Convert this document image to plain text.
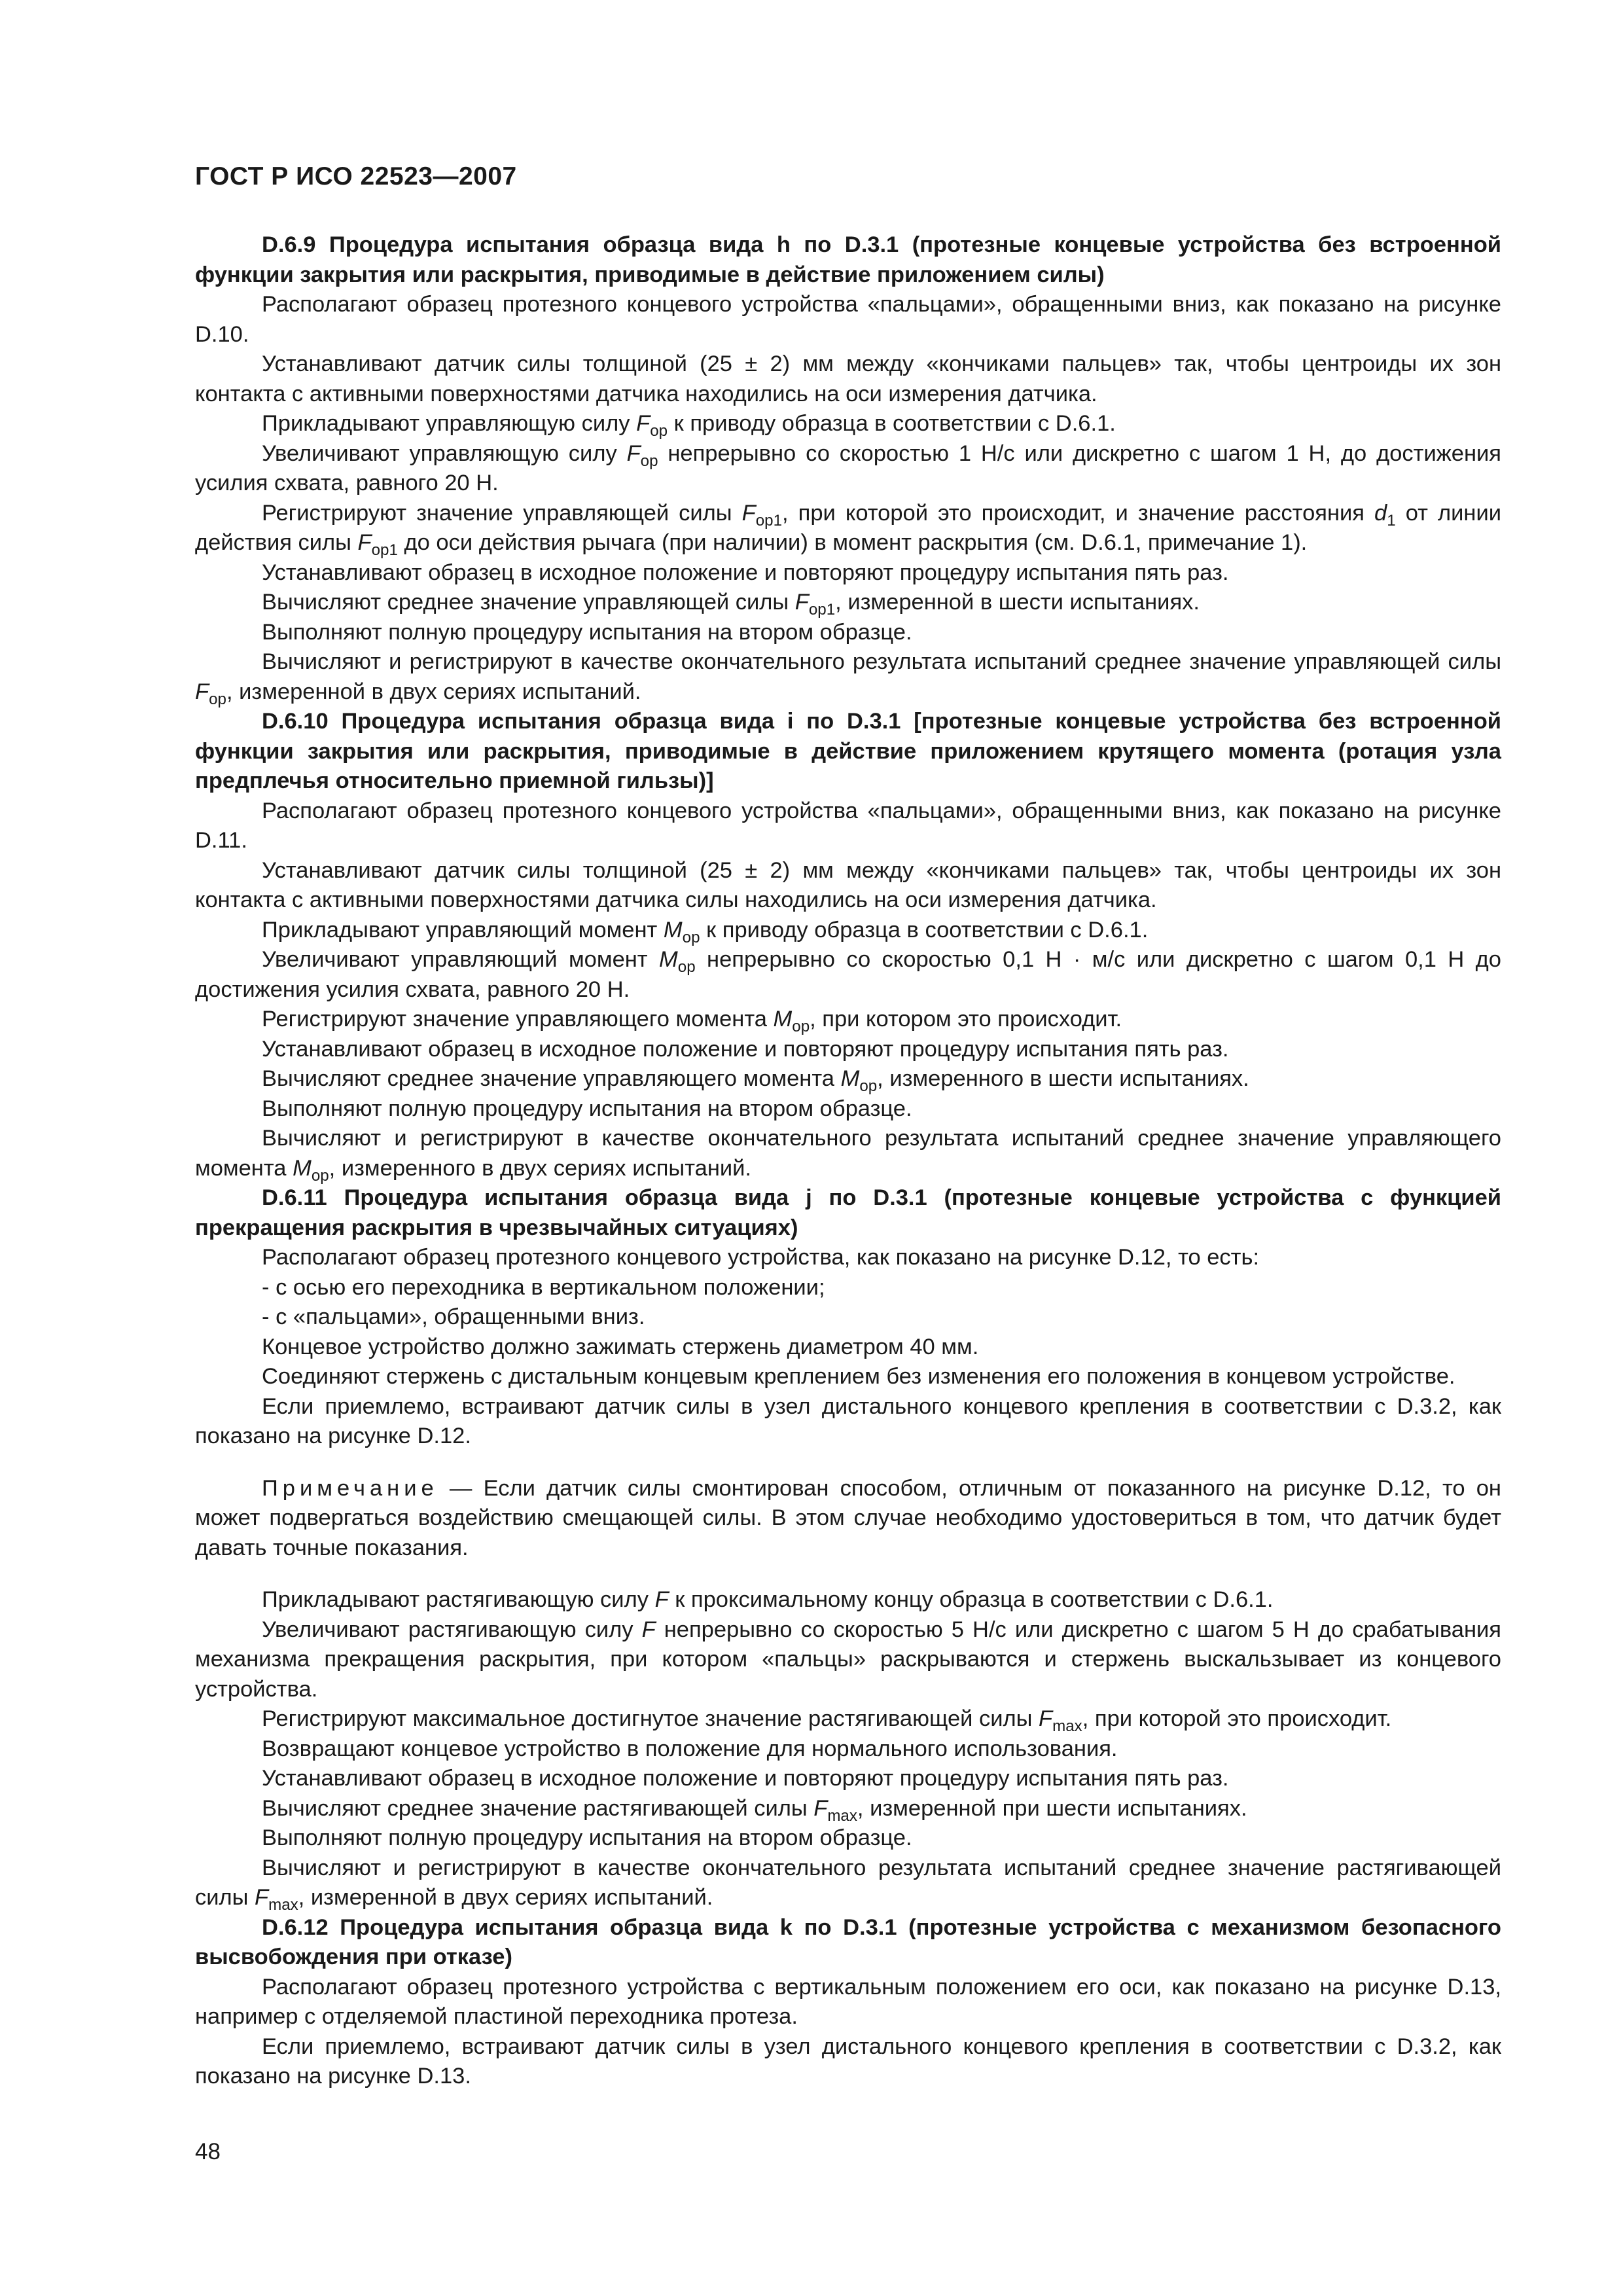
ГОСТ Р ИСО 22523—2007

D.6.9 Процедура испытания образца вида h по D.3.1 (протезные концевые устройства без встроенной функции закрытия или раскрытия, приводимые в действие приложением силы)

Располагают образец протезного концевого устройства «пальцами», обращенными вниз, как показано на рисунке D.10.

Устанавливают датчик силы толщиной (25 ± 2) мм между «кончиками пальцев» так, чтобы центроиды их зон контакта с активными поверхностями датчика находились на оси измерения датчика.

Прикладывают управляющую силу $F_{op}$ к приводу образца в соответствии с D.6.1.

Увеличивают управляющую силу $F_{op}$ непрерывно со скоростью 1 Н/с или дискретно с шагом 1 Н, до достижения усилия схвата, равного 20 Н.

Регистрируют значение управляющей силы $F_{op1}$, при которой это происходит, и значение расстояния $d_1$ от линии действия силы $F_{op1}$ до оси действия рычага (при наличии) в момент раскрытия (см. D.6.1, примечание 1).

Устанавливают образец в исходное положение и повторяют процедуру испытания пять раз.

Вычисляют среднее значение управляющей силы $F_{op1}$, измеренной в шести испытаниях.

Выполняют полную процедуру испытания на втором образце.

Вычисляют и регистрируют в качестве окончательного результата испытаний среднее значение управляющей силы $F_{op}$, измеренной в двух сериях испытаний.

D.6.10 Процедура испытания образца вида i по D.3.1 [протезные концевые устройства без встроенной функции закрытия или раскрытия, приводимые в действие приложением крутящего момента (ротация узла предплечья относительно приемной гильзы)]

Располагают образец протезного концевого устройства «пальцами», обращенными вниз, как показано на рисунке D.11.

Устанавливают датчик силы толщиной (25 ± 2) мм между «кончиками пальцев» так, чтобы центроиды их зон контакта с активными поверхностями датчика силы находились на оси измерения датчика.

Прикладывают управляющий момент $M_{op}$ к приводу образца в соответствии с D.6.1.

Увеличивают управляющий момент $M_{op}$ непрерывно со скоростью 0,1 Н · м/с или дискретно с шагом 0,1 Н до достижения усилия схвата, равного 20 Н.

Регистрируют значение управляющего момента $M_{op}$, при котором это происходит.

Устанавливают образец в исходное положение и повторяют процедуру испытания пять раз.

Вычисляют среднее значение управляющего момента $M_{op}$, измеренного в шести испытаниях.

Выполняют полную процедуру испытания на втором образце.

Вычисляют и регистрируют в качестве окончательного результата испытаний среднее значение управляющего момента $M_{op}$, измеренного в двух сериях испытаний.

D.6.11 Процедура испытания образца вида j по D.3.1 (протезные концевые устройства с функцией прекращения раскрытия в чрезвычайных ситуациях)

Располагают образец протезного концевого устройства, как показано на рисунке D.12, то есть:

- с осью его переходника в вертикальном положении;

- с «пальцами», обращенными вниз.

Концевое устройство должно зажимать стержень диаметром 40 мм.

Соединяют стержень с дистальным концевым креплением без изменения его положения в концевом устройстве.

Если приемлемо, встраивают датчик силы в узел дистального концевого крепления в соответствии с D.3.2, как показано на рисунке D.12.

Примечание — Если датчик силы смонтирован способом, отличным от показанного на рисунке D.12, то он может подвергаться воздействию смещающей силы. В этом случае необходимо удостовериться в том, что датчик будет давать точные показания.

Прикладывают растягивающую силу F к проксимальному концу образца в соответствии с D.6.1.

Увеличивают растягивающую силу F непрерывно со скоростью 5 Н/с или дискретно с шагом 5 Н до срабатывания механизма прекращения раскрытия, при котором «пальцы» раскрываются и стержень выскальзывает из концевого устройства.

Регистрируют максимальное достигнутое значение растягивающей силы $F_{max}$, при которой это происходит.

Возвращают концевое устройство в положение для нормального использования.

Устанавливают образец в исходное положение и повторяют процедуру испытания пять раз.

Вычисляют среднее значение растягивающей силы $F_{max}$, измеренной при шести испытаниях.

Выполняют полную процедуру испытания на втором образце.

Вычисляют и регистрируют в качестве окончательного результата испытаний среднее значение растягивающей силы $F_{max}$, измеренной в двух сериях испытаний.

D.6.12 Процедура испытания образца вида k по D.3.1 (протезные устройства с механизмом безопасного высвобождения при отказе)

Располагают образец протезного устройства с вертикальным положением его оси, как показано на рисунке D.13, например с отделяемой пластиной переходника протеза.

Если приемлемо, встраивают датчик силы в узел дистального концевого крепления в соответствии с D.3.2, как показано на рисунке D.13.

48
